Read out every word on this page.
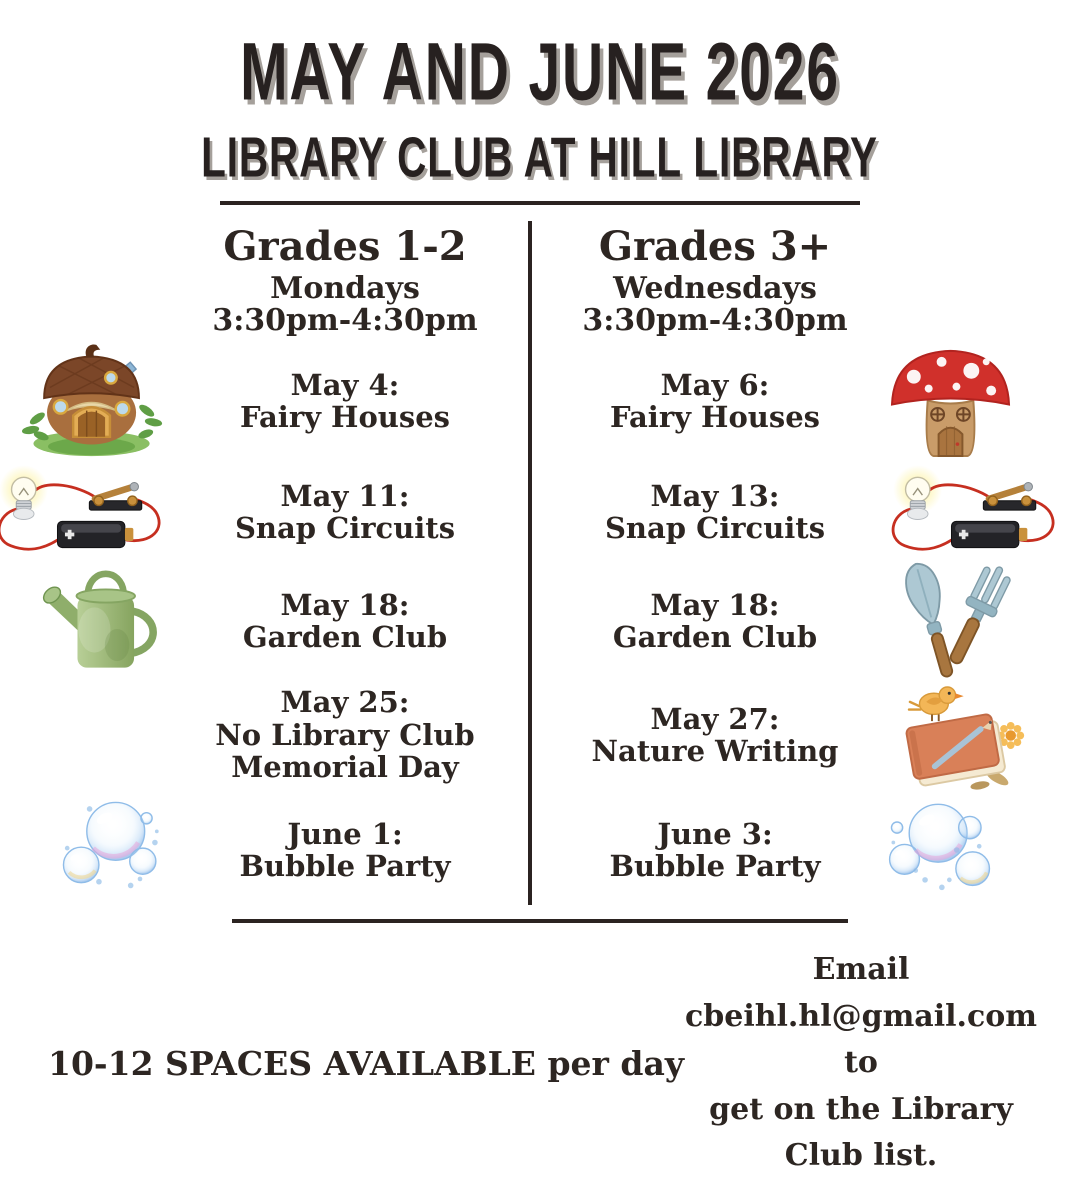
MAY AND JUNE 2026
LIBRARY CLUB AT HILL LIBRARY
Grades 1-2
Mondays
3:30pm-4:30pm
Grades 3+
Wednesdays
3:30pm-4:30pm
May 4:
Fairy Houses
May 11:
Snap Circuits
May 18:
Garden Club
May 25:
No Library Club
Memorial Day
June 1:
Bubble Party
May 6:
Fairy Houses
May 13:
Snap Circuits
May 18:
Garden Club
May 27:
Nature Writing
June 3:
Bubble Party
10-12 SPACES AVAILABLE per day
Email cbeihl.hl@gmail.com to
get on the Library Club list.
